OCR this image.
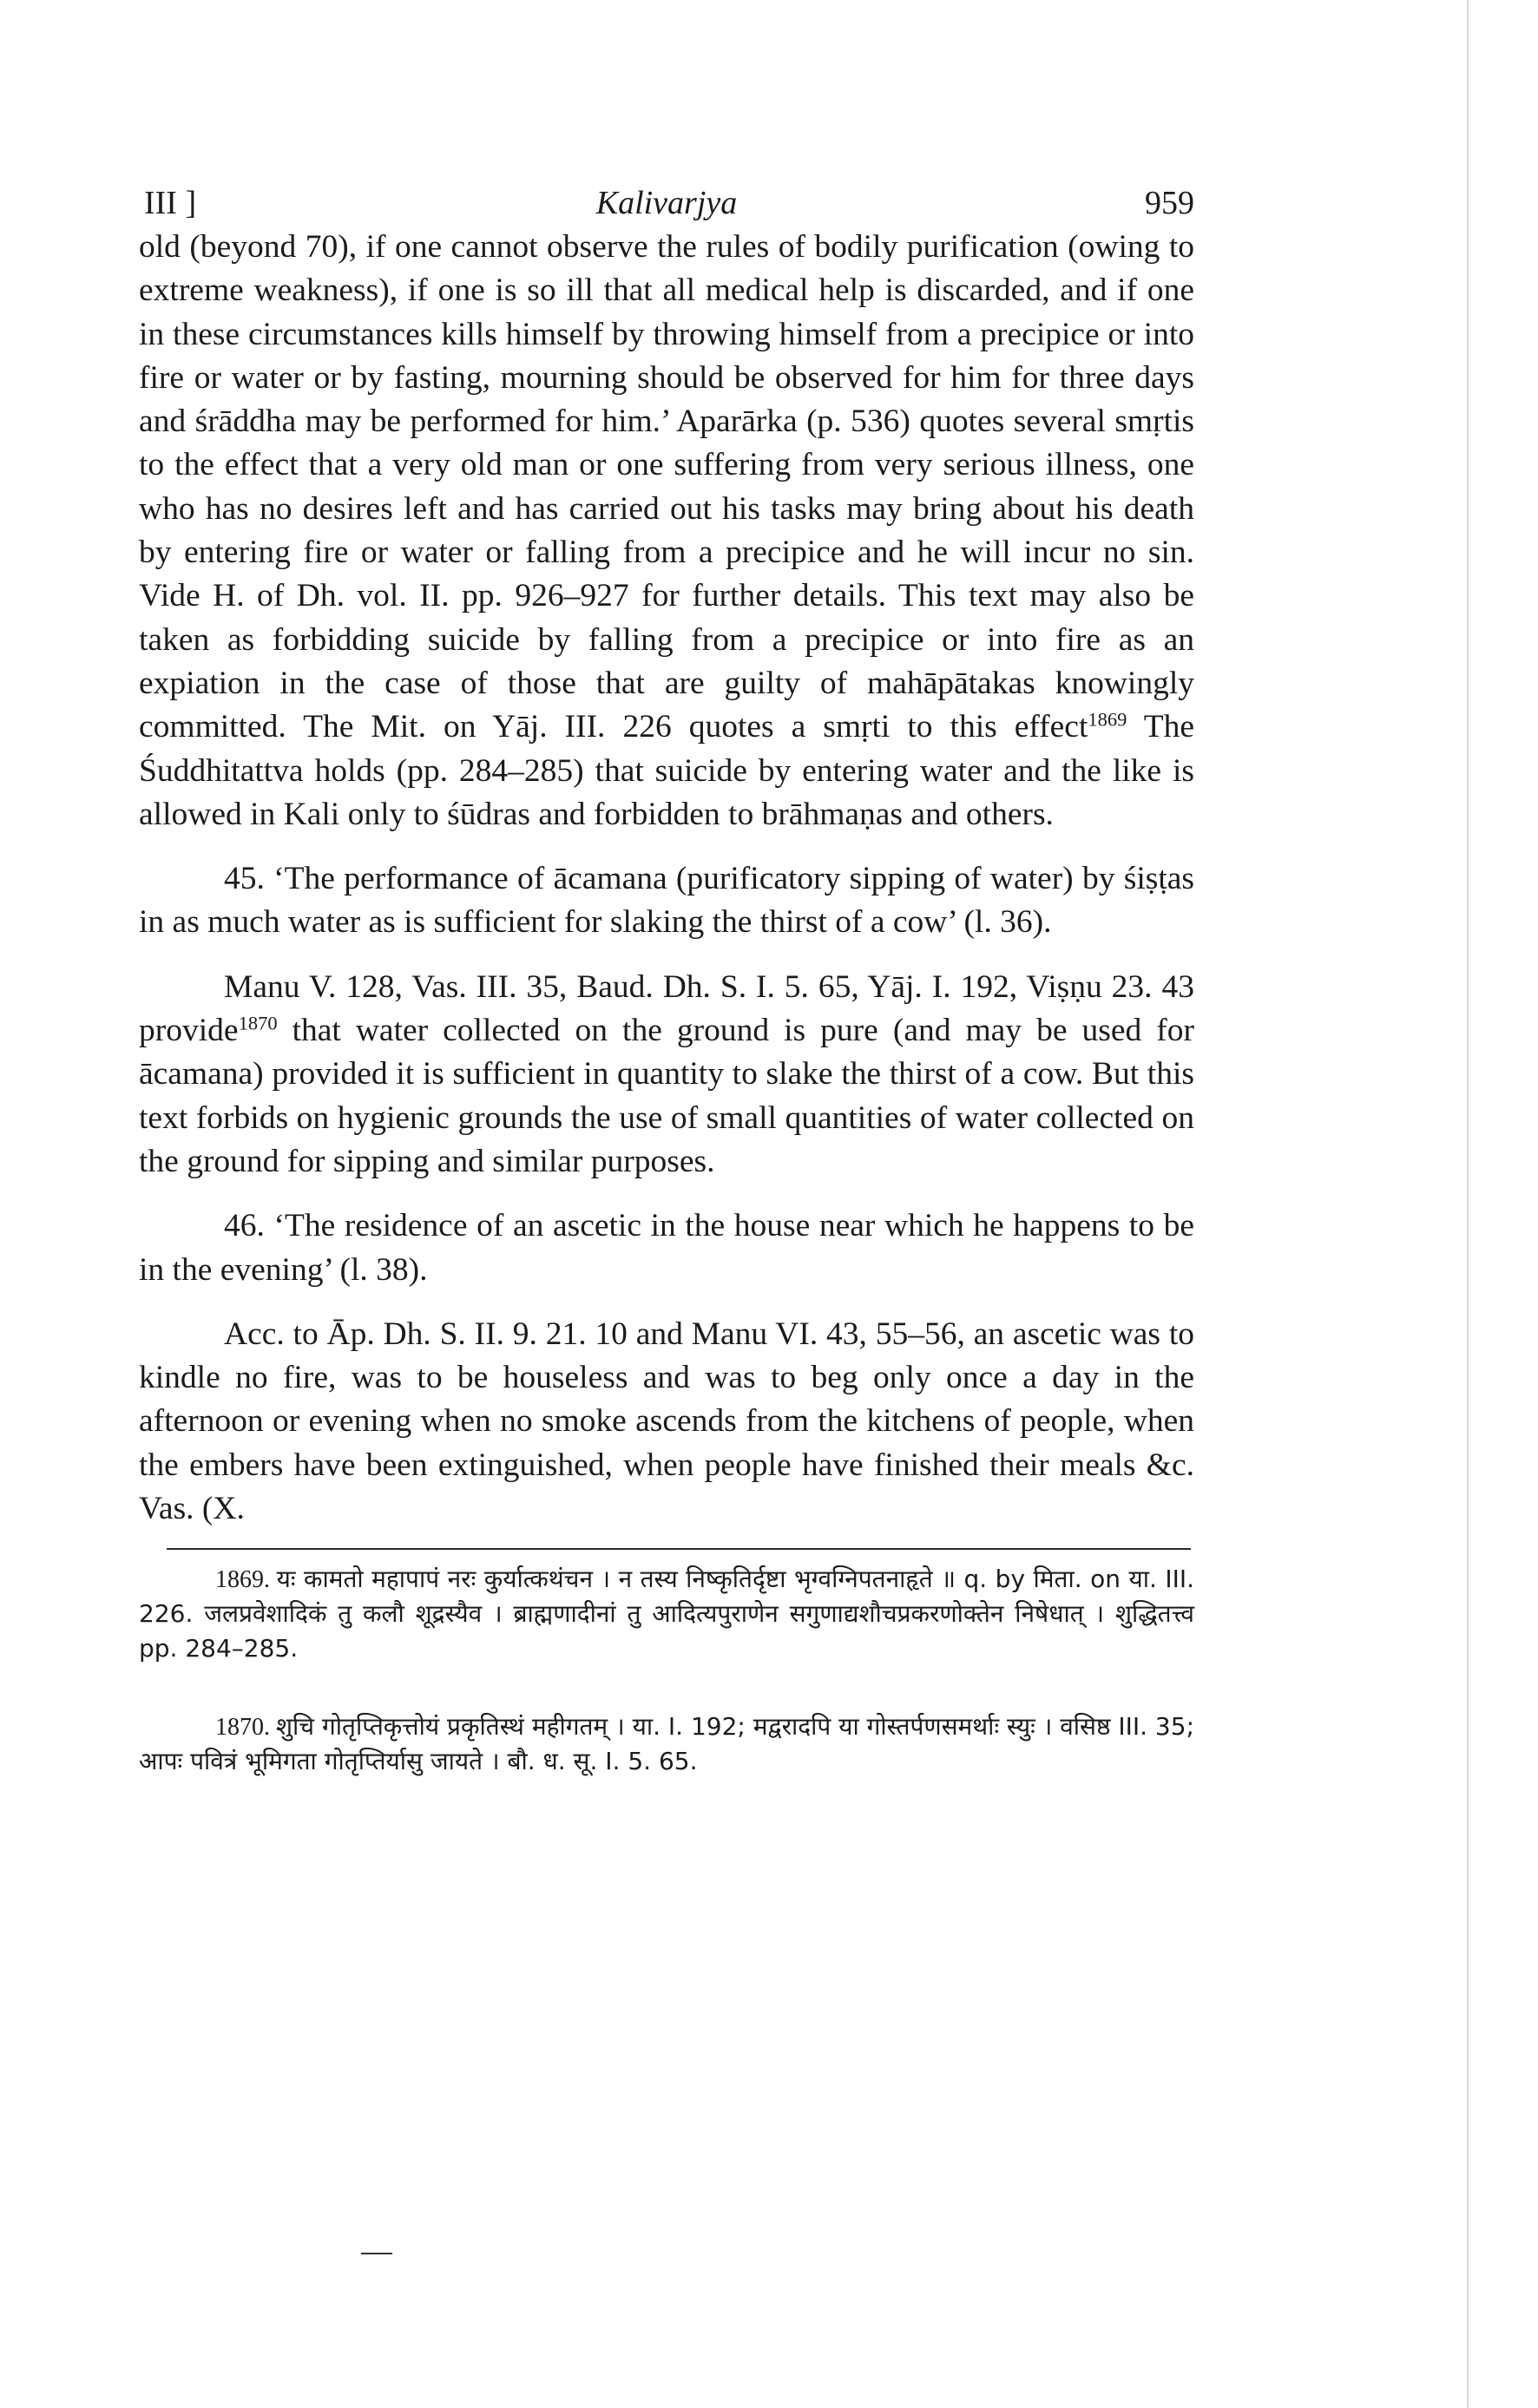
III ]	Kalivarjya	959

old (beyond 70), if one cannot observe the rules of bodily purification (owing to extreme weakness), if one is so ill that all medical help is discarded, and if one in these circumstances kills himself by throwing himself from a precipice or into fire or water or by fasting, mourning should be observed for him for three days and śrāddha may be performed for him.’ Aparārka (p. 536) quotes several smṛtis to the effect that a very old man or one suffering from very serious illness, one who has no desires left and has carried out his tasks may bring about his death by entering fire or water or falling from a precipice and he will incur no sin. Vide H. of Dh. vol. II. pp. 926–927 for further details. This text may also be taken as forbidding suicide by falling from a precipice or into fire as an expiation in the case of those that are guilty of mahāpātakas knowingly committed. The Mit. on Yāj. III. 226 quotes a smṛti to this effect$^{1869}$ The Śuddhitattva holds (pp. 284–285) that suicide by entering water and the like is allowed in Kali only to śūdras and forbidden to brāhmaṇas and others.

45. ‘The performance of ācamana (purificatory sipping of water) by śiṣṭas in as much water as is sufficient for slaking the thirst of a cow’ (l. 36).

Manu V. 128, Vas. III. 35, Baud. Dh. S. I. 5. 65, Yāj. I. 192, Viṣṇu 23. 43 provide$^{1870}$ that water collected on the ground is pure (and may be used for ācamana) provided it is sufficient in quantity to slake the thirst of a cow. But this text forbids on hygienic grounds the use of small quantities of water collected on the ground for sipping and similar purposes.

46. ‘The residence of an ascetic in the house near which he happens to be in the evening’ (l. 38).

Acc. to Āp. Dh. S. II. 9. 21. 10 and Manu VI. 43, 55–56, an ascetic was to kindle no fire, was to be houseless and was to beg only once a day in the afternoon or evening when no smoke ascends from the kitchens of people, when the embers have been extinguished, when people have finished their meals &c. Vas. (X.

1869. यः कामतो महापापं नरः कुर्यात्कथंचन । न तस्य निष्कृतिर्दृष्टा भृग्वग्निपतनाहृते ॥ q. by मिता. on या. III. 226. जलप्रवेशादिकं तु कलौ शूद्रस्यैव । ब्राह्मणादीनां तु आदित्यपुराणेन सगुणाद्यशौचप्रकरणोक्तेन निषेधात् । शुद्धितत्त्व pp. 284–285.
1870. शुचि गोतृप्तिकृत्तोयं प्रकृतिस्थं महीगतम् । या. I. 192; मद्वरादपि या गोस्तर्पणसमर्थाः स्युः । वसिष्ठ III. 35; आपः पवित्रं भूमिगता गोतृप्तिर्यासु जायते । बौ. ध. सू. I. 5. 65.
